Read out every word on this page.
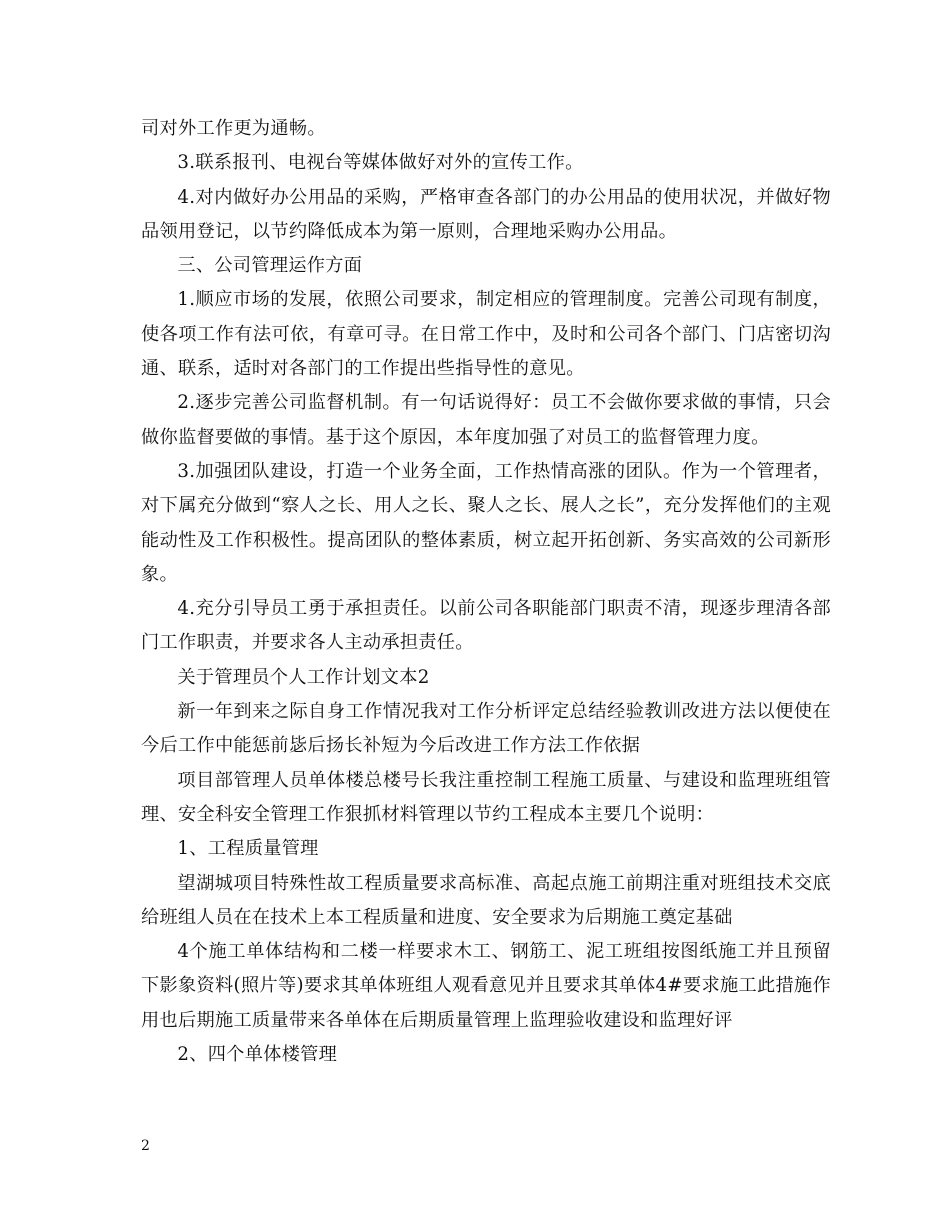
司对外工作更为通畅。

3.联系报刊、电视台等媒体做好对外的宣传工作。

4.对内做好办公用品的采购，严格审查各部门的办公用品的使用状况，并做好物品领用登记，以节约降低成本为第一原则，合理地采购办公用品。

三、公司管理运作方面

1.顺应市场的发展，依照公司要求，制定相应的管理制度。完善公司现有制度，使各项工作有法可依，有章可寻。在日常工作中，及时和公司各个部门、门店密切沟通、联系，适时对各部门的工作提出些指导性的意见。

2.逐步完善公司监督机制。有一句话说得好：员工不会做你要求做的事情，只会做你监督要做的事情。基于这个原因，本年度加强了对员工的监督管理力度。

3.加强团队建设，打造一个业务全面，工作热情高涨的团队。作为一个管理者，对下属充分做到“察人之长、用人之长、聚人之长、展人之长”，充分发挥他们的主观能动性及工作积极性。提高团队的整体素质，树立起开拓创新、务实高效的公司新形象。

4.充分引导员工勇于承担责任。以前公司各职能部门职责不清，现逐步理清各部门工作职责，并要求各人主动承担责任。

关于管理员个人工作计划文本2

新一年到来之际自身工作情况我对工作分析评定总结经验教训改进方法以便使在今后工作中能惩前毖后扬长补短为今后改进工作方法工作依据

项目部管理人员单体楼总楼号长我注重控制工程施工质量、与建设和监理班组管理、安全科安全管理工作狠抓材料管理以节约工程成本主要几个说明：

1、工程质量管理

望湖城项目特殊性故工程质量要求高标准、高起点施工前期注重对班组技术交底给班组人员在在技术上本工程质量和进度、安全要求为后期施工奠定基础

4个施工单体结构和二楼一样要求木工、钢筋工、泥工班组按图纸施工并且预留下影象资料(照片等)要求其单体班组人观看意见并且要求其单体4#要求施工此措施作用也后期施工质量带来各单体在后期质量管理上监理验收建设和监理好评

2、四个单体楼管理

2
